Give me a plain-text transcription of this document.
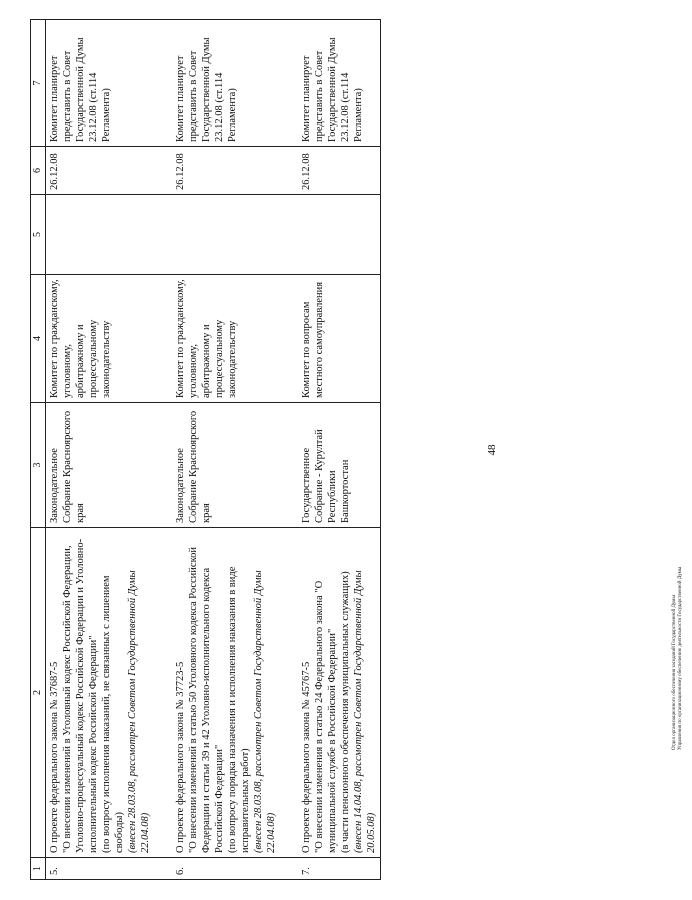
48
Отдел организационного обеспечения заседаний Государственной Думы Управления по организационному обеспечению деятельности Государственной Думы
1	2	3	4	5	6	7
5.	О проекте федерального закона № 37687-5 "О внесении изменений в Уголовный кодекс Российской Федерации, Уголовно-процессуальный кодекс Российской Федерации и Уголовно-исполнительный кодекс Российской Федерации" (по вопросу исполнения наказаний, не связанных с лишением свободы) (внесен 28.03.08, рассмотрен Советом Государственной Думы 22.04.08)	Законодательное Собрание Красноярского края	Комитет по гражданскому, уголовному, арбитражному и процессуальному законодательству		26.12.08	Комитет планирует представить в Совет Государственной Думы 23.12.08 (ст.114 Регламента)

6.	О проекте федерального закона № 37723-5 "О внесении изменений в статью 50 Уголовного кодекса Российской Федерации и статьи 39 и 42 Уголовно-исполнительного кодекса Российской Федерации" (по вопросу порядка назначения и исполнения наказания в виде исправительных работ) (внесен 28.03.08, рассмотрен Советом Государственной Думы 22.04.08)	Законодательное Собрание Красноярского края	Комитет по гражданскому, уголовному, арбитражному и процессуальному законодательству		26.12.08	Комитет планирует представить в Совет Государственной Думы 23.12.08 (ст.114 Регламента)

7.	О проекте федерального закона № 45767-5 "О внесении изменения в статью 24 Федерального закона "О муниципальной службе в Российской Федерации" (в части пенсионного обеспечения муниципальных служащих) (внесен 14.04.08, рассмотрен Советом Государственной Думы 20.05.08)	Государственное Собрание - Курултай Республики Башкортостан	Комитет по вопросам местного самоуправления		26.12.08	Комитет планирует представить в Совет Государственной Думы 23.12.08 (ст.114 Регламента)
